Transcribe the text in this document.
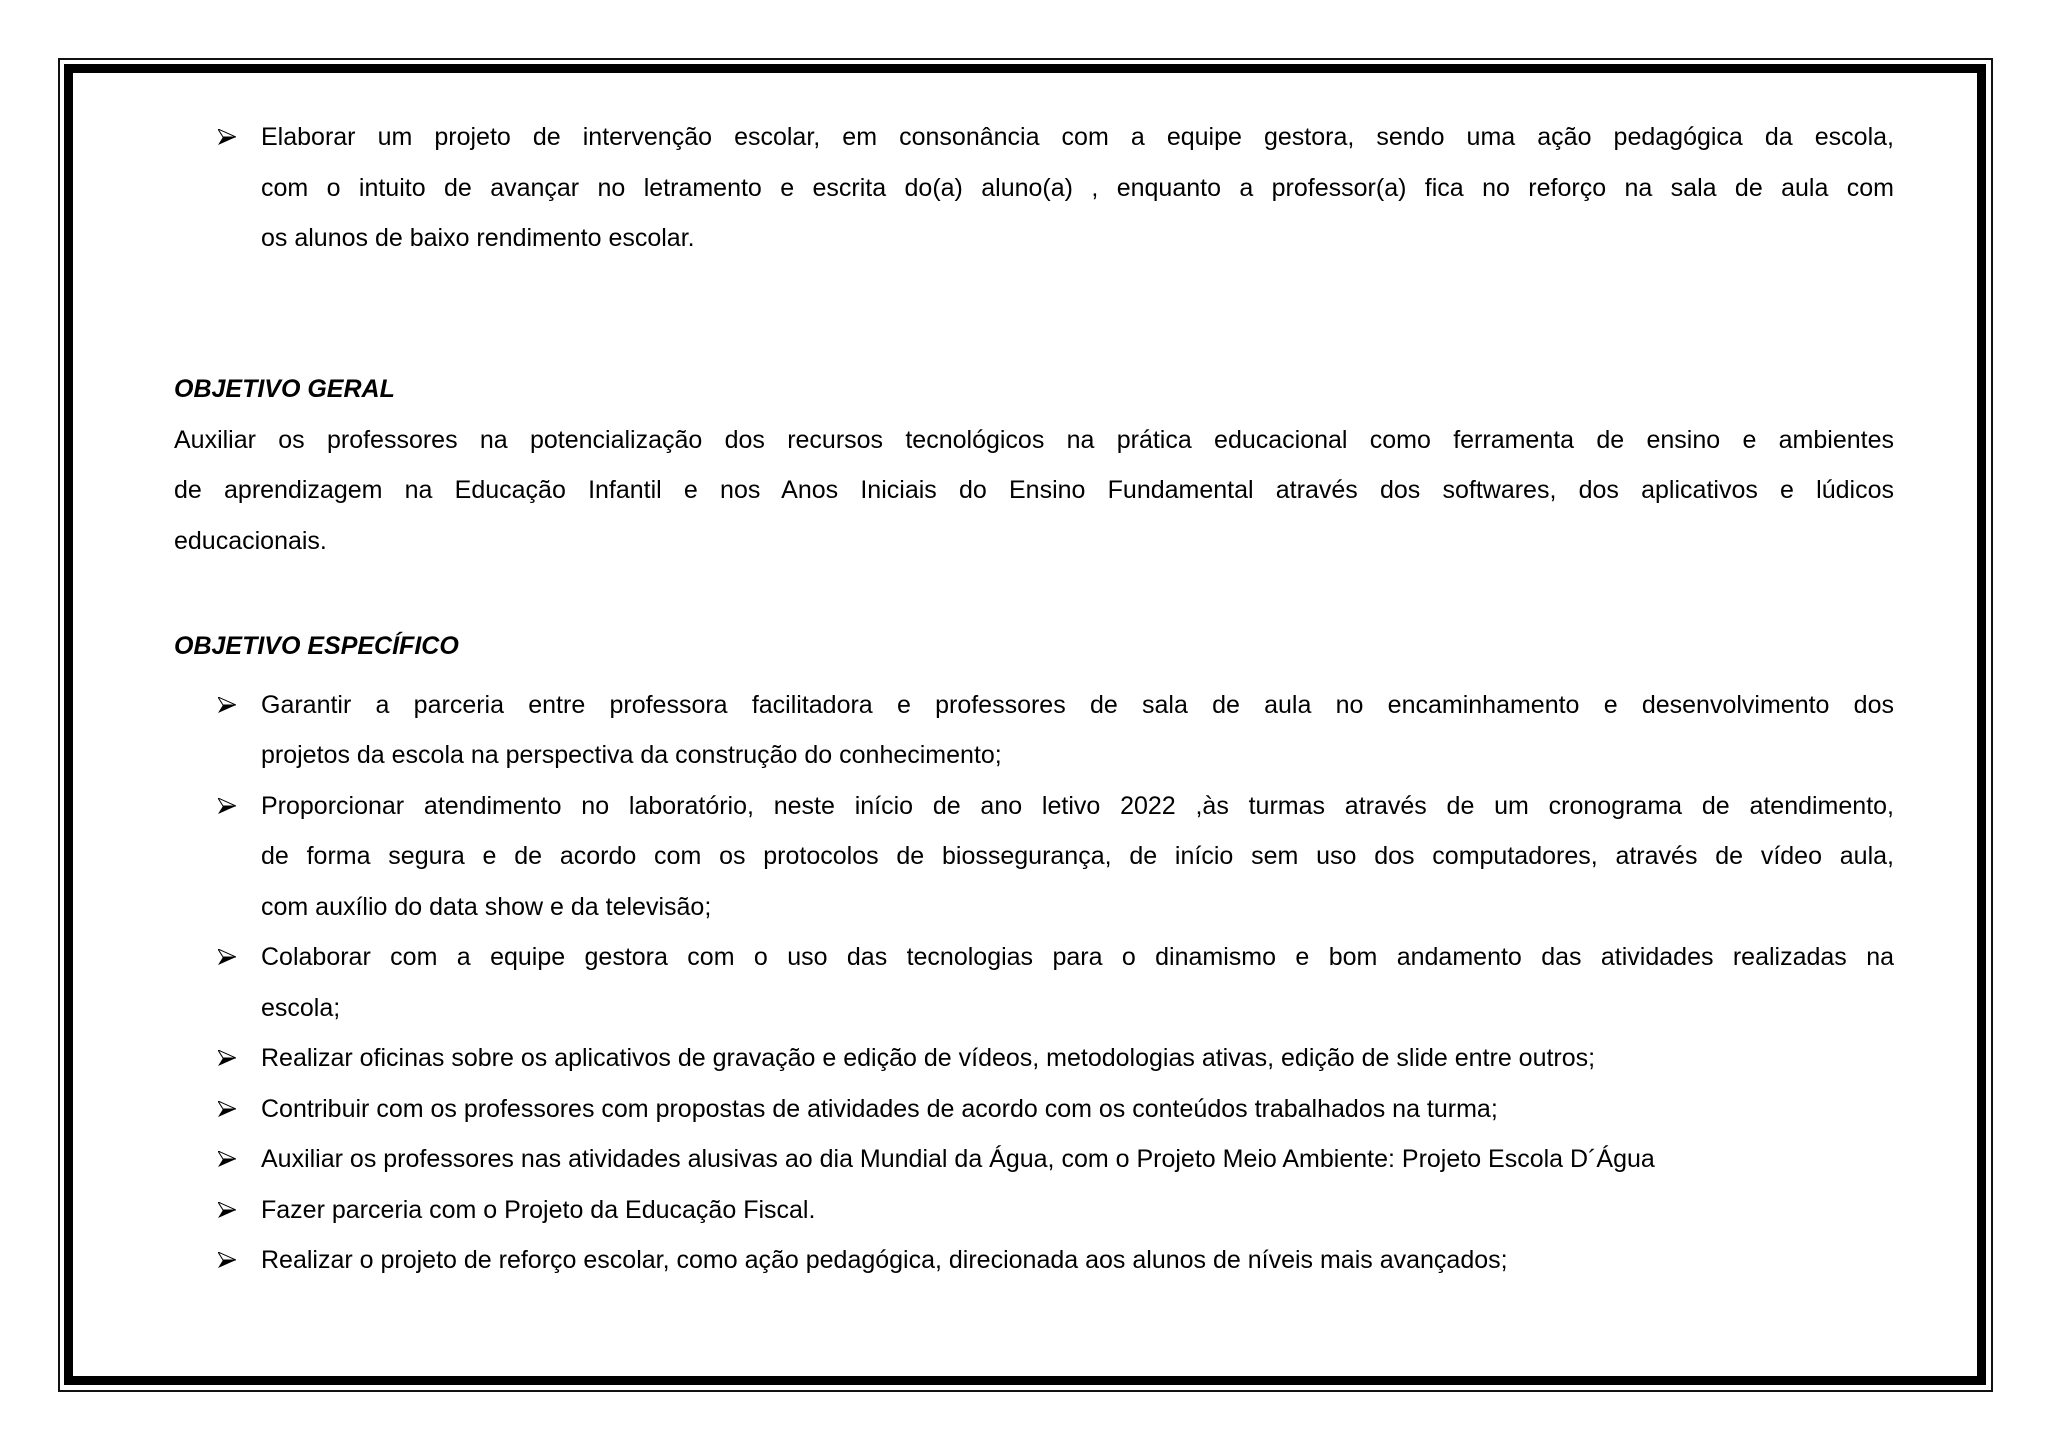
Elaborar um projeto de intervenção escolar, em consonância com a equipe gestora, sendo uma ação pedagógica da escola,
com o intuito de avançar no letramento e escrita do(a) aluno(a) , enquanto a professor(a) fica no reforço na sala de aula com
os alunos de baixo rendimento escolar.
OBJETIVO GERAL
Auxiliar os professores na potencialização dos recursos tecnológicos na prática educacional como ferramenta de ensino e ambientes
de aprendizagem na Educação Infantil e nos Anos Iniciais do Ensino Fundamental através dos softwares, dos aplicativos e lúdicos
educacionais.
OBJETIVO ESPECÍFICO
Garantir a parceria entre professora facilitadora e professores de sala de aula no encaminhamento e desenvolvimento dos
projetos da escola na perspectiva da construção do conhecimento;
Proporcionar atendimento no laboratório, neste início de ano letivo 2022 ,às turmas através de um cronograma de atendimento,
de forma segura e de acordo com os protocolos de biossegurança, de início sem uso dos computadores, através de vídeo aula,
com auxílio do data show e da televisão;
Colaborar com a equipe gestora com o uso das tecnologias para o dinamismo e bom andamento das atividades realizadas na
escola;
Realizar oficinas sobre os aplicativos de gravação e edição de vídeos, metodologias ativas, edição de slide entre outros;
Contribuir com os professores com propostas de atividades de acordo com os conteúdos trabalhados na turma;
Auxiliar os professores nas atividades alusivas ao dia Mundial da Água, com o Projeto Meio Ambiente: Projeto Escola D´Água
Fazer parceria com o Projeto da Educação Fiscal.
Realizar o projeto de reforço escolar, como ação pedagógica, direcionada aos alunos de níveis mais avançados;
